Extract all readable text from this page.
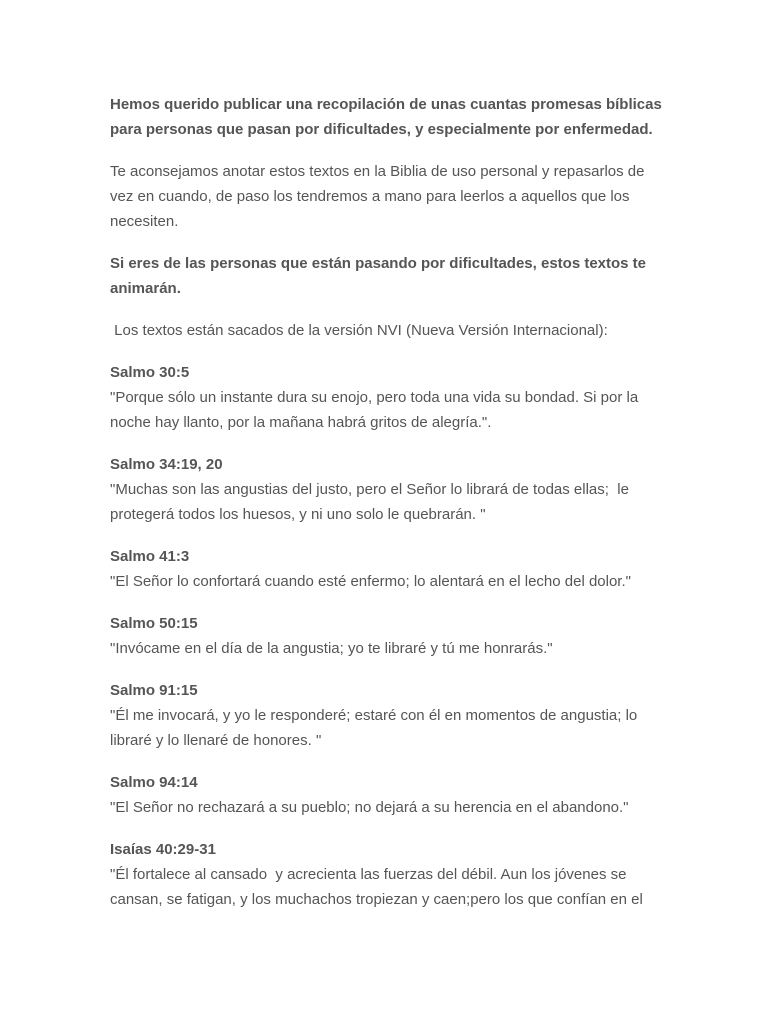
Hemos querido publicar una recopilación de unas cuantas promesas bíblicas para personas que pasan por dificultades, y especialmente por enfermedad.

Te aconsejamos anotar estos textos en la Biblia de uso personal y repasarlos de vez en cuando, de paso los tendremos a mano para leerlos a aquellos que los necesiten.

Si eres de las personas que están pasando por dificultades, estos textos te animarán.

Los textos están sacados de la versión NVI (Nueva Versión Internacional):

Salmo 30:5

"Porque sólo un instante dura su enojo, pero toda una vida su bondad. Si por la noche hay llanto, por la mañana habrá gritos de alegría.".

Salmo 34:19, 20

"Muchas son las angustias del justo, pero el Señor lo librará de todas ellas;  le protegerá todos los huesos, y ni uno solo le quebrarán. "

Salmo 41:3

"El Señor lo confortará cuando esté enfermo; lo alentará en el lecho del dolor."

Salmo 50:15

"Invócame en el día de la angustia; yo te libraré y tú me honrarás."

Salmo 91:15

"Él me invocará, y yo le responderé; estaré con él en momentos de angustia; lo libraré y lo llenaré de honores. "

Salmo 94:14

"El Señor no rechazará a su pueblo; no dejará a su herencia en el abandono."

Isaías 40:29-31

"Él fortalece al cansado  y acrecienta las fuerzas del débil. Aun los jóvenes se cansan, se fatigan, y los muchachos tropiezan y caen;pero los que confían en el
